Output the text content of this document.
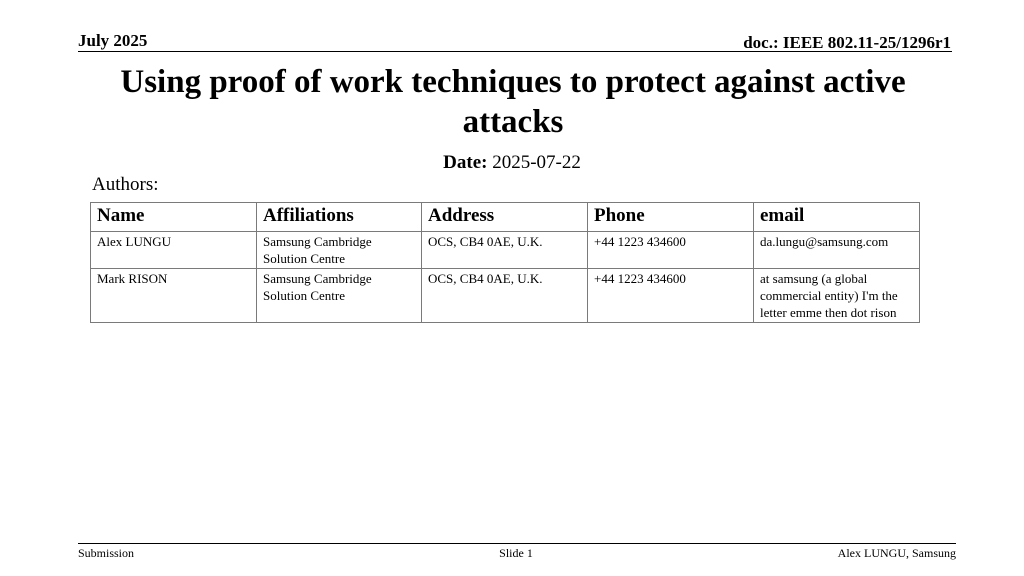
July 2025	doc.: IEEE 802.11-25/1296r1
Using proof of work techniques to protect against active attacks
Date: 2025-07-22
Authors:
Name	Affiliations	Address	Phone	email
Alex LUNGU	Samsung Cambridge Solution Centre	OCS, CB4 0AE, U.K.	+44 1223 434600	da.lungu@samsung.com
Mark RISON	Samsung Cambridge Solution Centre	OCS, CB4 0AE, U.K.	+44 1223 434600	at samsung (a global commercial entity) I'm the letter emme then dot rison
Submission	Slide 1	Alex LUNGU, Samsung
